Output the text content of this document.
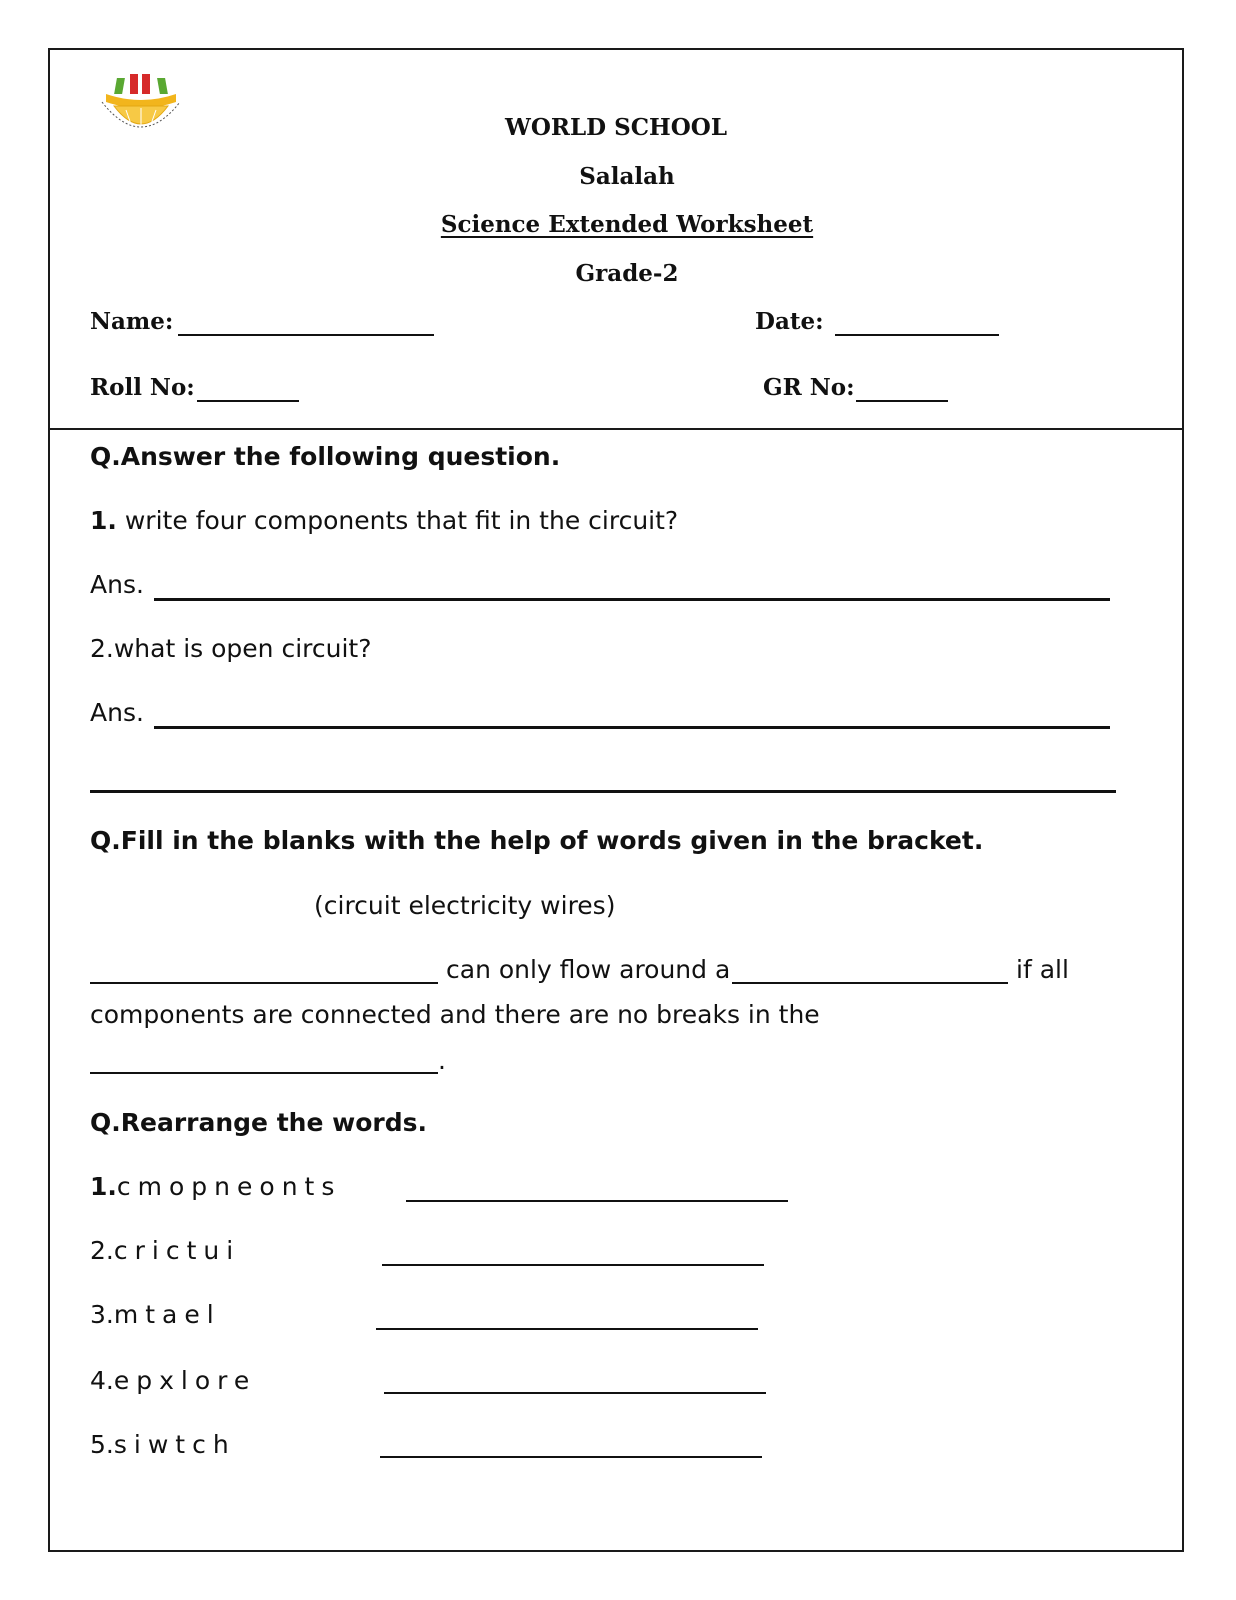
WORLD SCHOOL
Salalah
Science Extended Worksheet
Grade-2
Name:	Date:
Roll No:	GR No:
Q.Answer the following question.
1. write four components that fit in the circuit?
Ans.
2.what is open circuit?
Ans.
Q.Fill in the blanks with the help of words given in the bracket.
(circuit electricity wires)
can only flow around a	if all
components are connected and there are no breaks in the
.
Q.Rearrange the words.
1.cmopneonts
2.crictui
3.mtael
4.epxlore
5.siwtch
